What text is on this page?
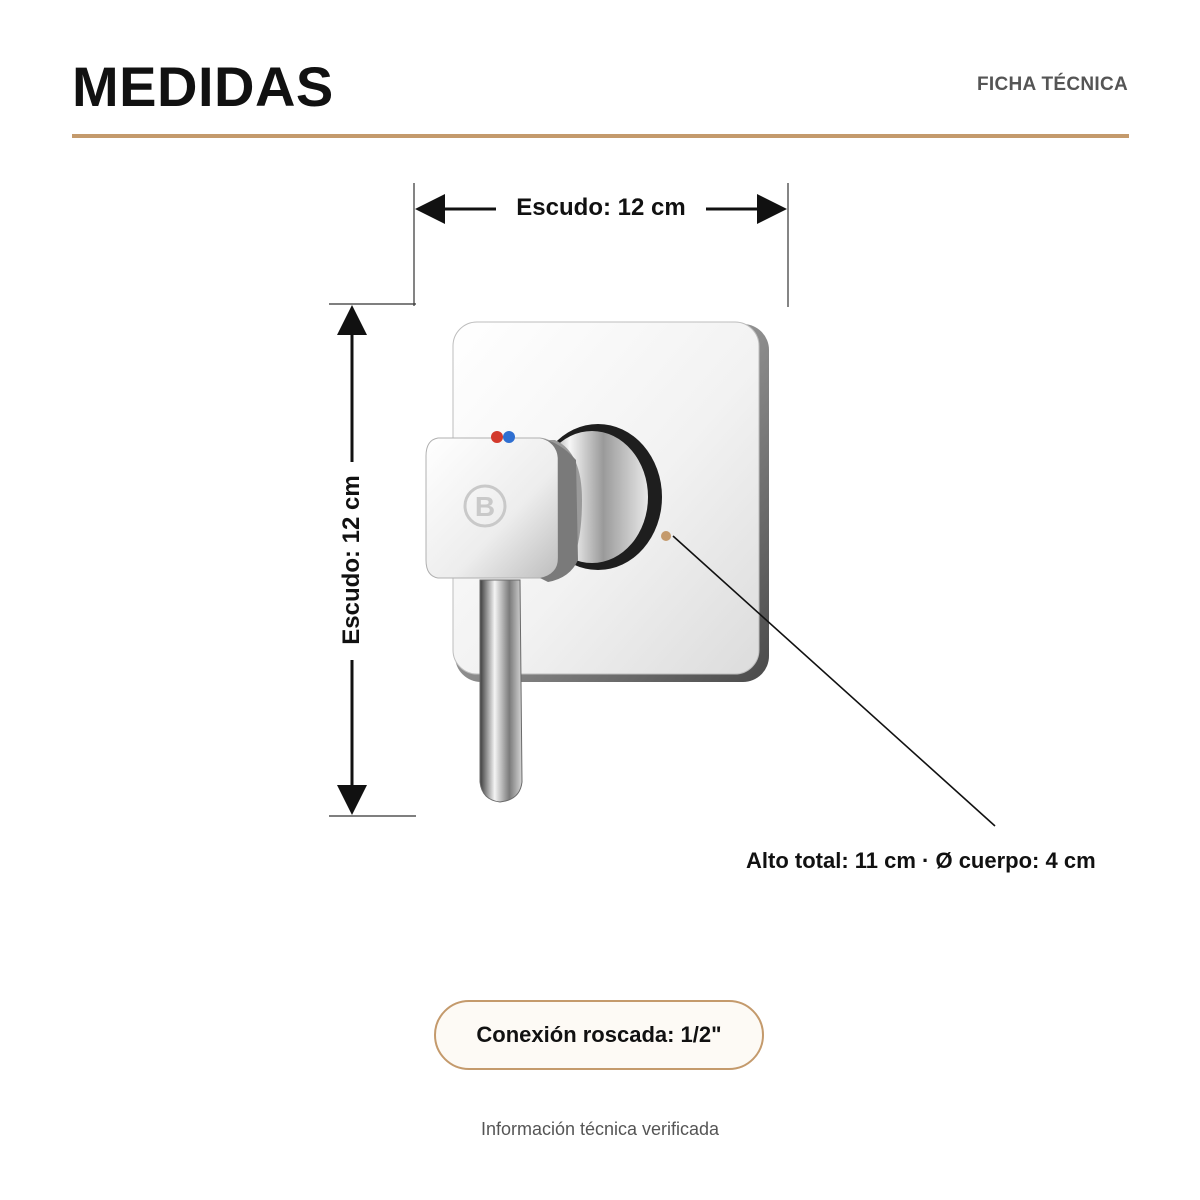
MEDIDAS	FICHA TÉCNICA
B
Escudo: 12 cm
Escudo: 12 cm
Alto total: 11 cm · Ø cuerpo: 4 cm
Conexión roscada: 1/2"
Información técnica verificada
